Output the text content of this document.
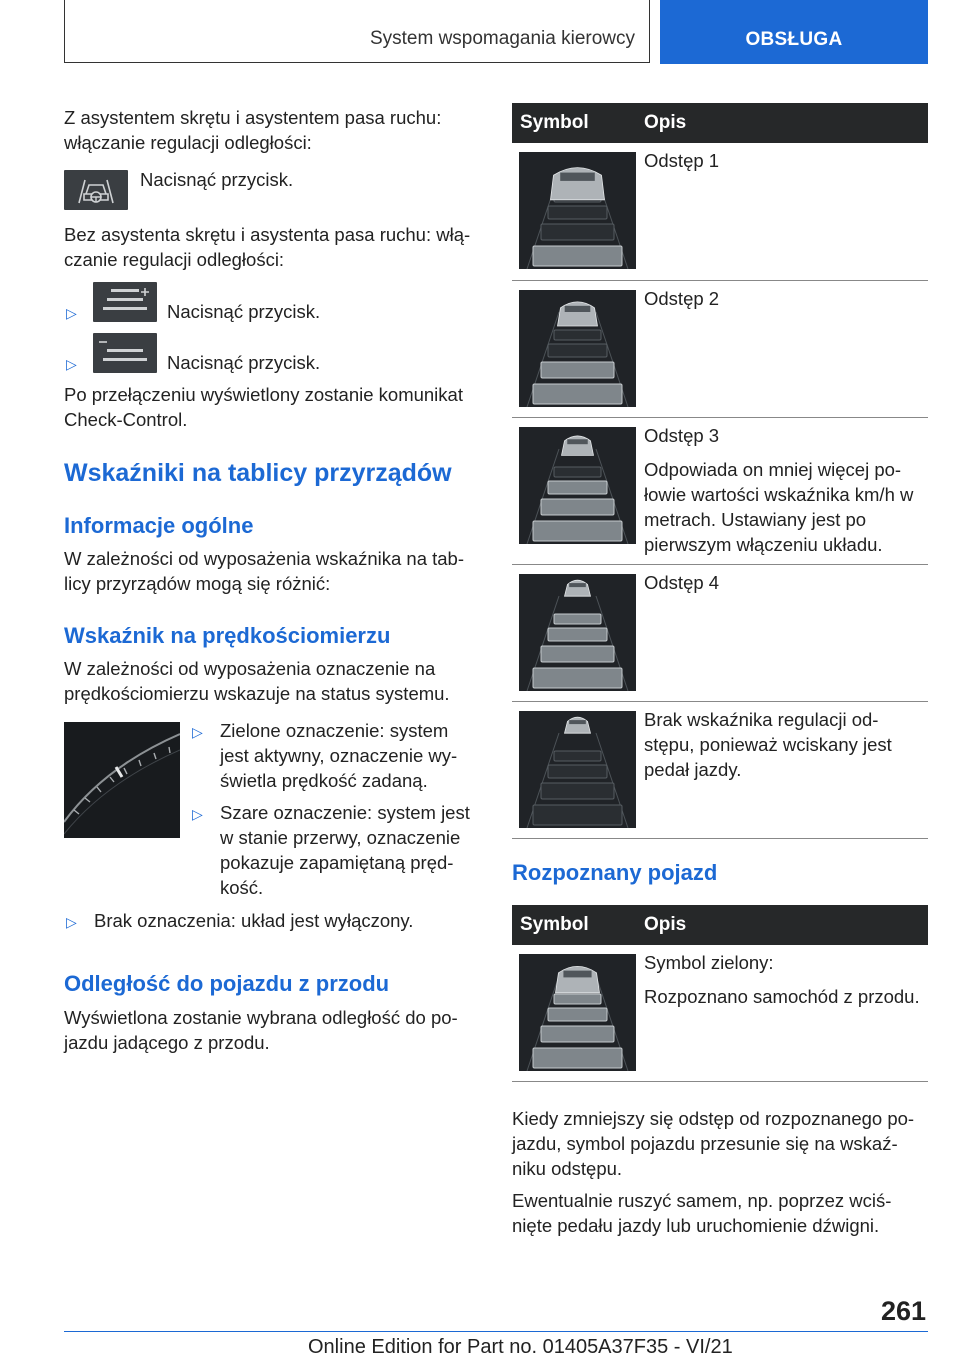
System wspomagania kierowcy	OBSŁUGA

Z asystentem skrętu i asystentem pasa ruchu: włączanie regulacji odległości:

Nacisnąć przycisk.

Bez asystenta skrętu i asystenta pasa ruchu: włą-czanie regulacji odległości:

▷	Nacisnąć przycisk.

▷	Nacisnąć przycisk.

Po przełączeniu wyświetlony zostanie komunikat Check-Control.

Wskaźniki na tablicy przyrządów
Informacje ogólne

W zależności od wyposażenia wskaźnika na tab-licy przyrządów mogą się różnić:

Wskaźnik na prędkościomierzu

W zależności od wyposażenia oznaczenie na prędkościomierzu wskazuje na status systemu.

▷ Zielone oznaczenie: system jest aktywny, oznaczenie wy-świetla prędkość zadaną.

▷ Szare oznaczenie: system jest w stanie przerwy, oznaczenie pokazuje zapamiętaną pręd-kość.

▷ Brak oznaczenia: układ jest wyłączony.

Odległość do pojazdu z przodu

Wyświetlona zostanie wybrana odległość do po-jazdu jadącego z przodu.

Symbol	Opis

Odstęp 1

Odstęp 2

Odstęp 3
Odpowiada on mniej więcej po-łowie wartości wskaźnika km/h w metrach. Ustawiany jest po pierwszym włączeniu układu.

Odstęp 4

Brak wskaźnika regulacji od-stępu, ponieważ wciskany jest pedał jazdy.
Rozpoznany pojazd
Symbol	Opis

Symbol zielony:
Rozpoznano samochód z przodu.

Kiedy zmniejszy się odstęp od rozpoznanego po-jazdu, symbol pojazdu przesunie się na wskaź-niku odstępu.

Ewentualnie ruszyć samem, np. poprzez wciś-nięte pedału jazdy lub uruchomienie dźwigni.

261
Online Edition for Part no. 01405A37F35 - VI/21
